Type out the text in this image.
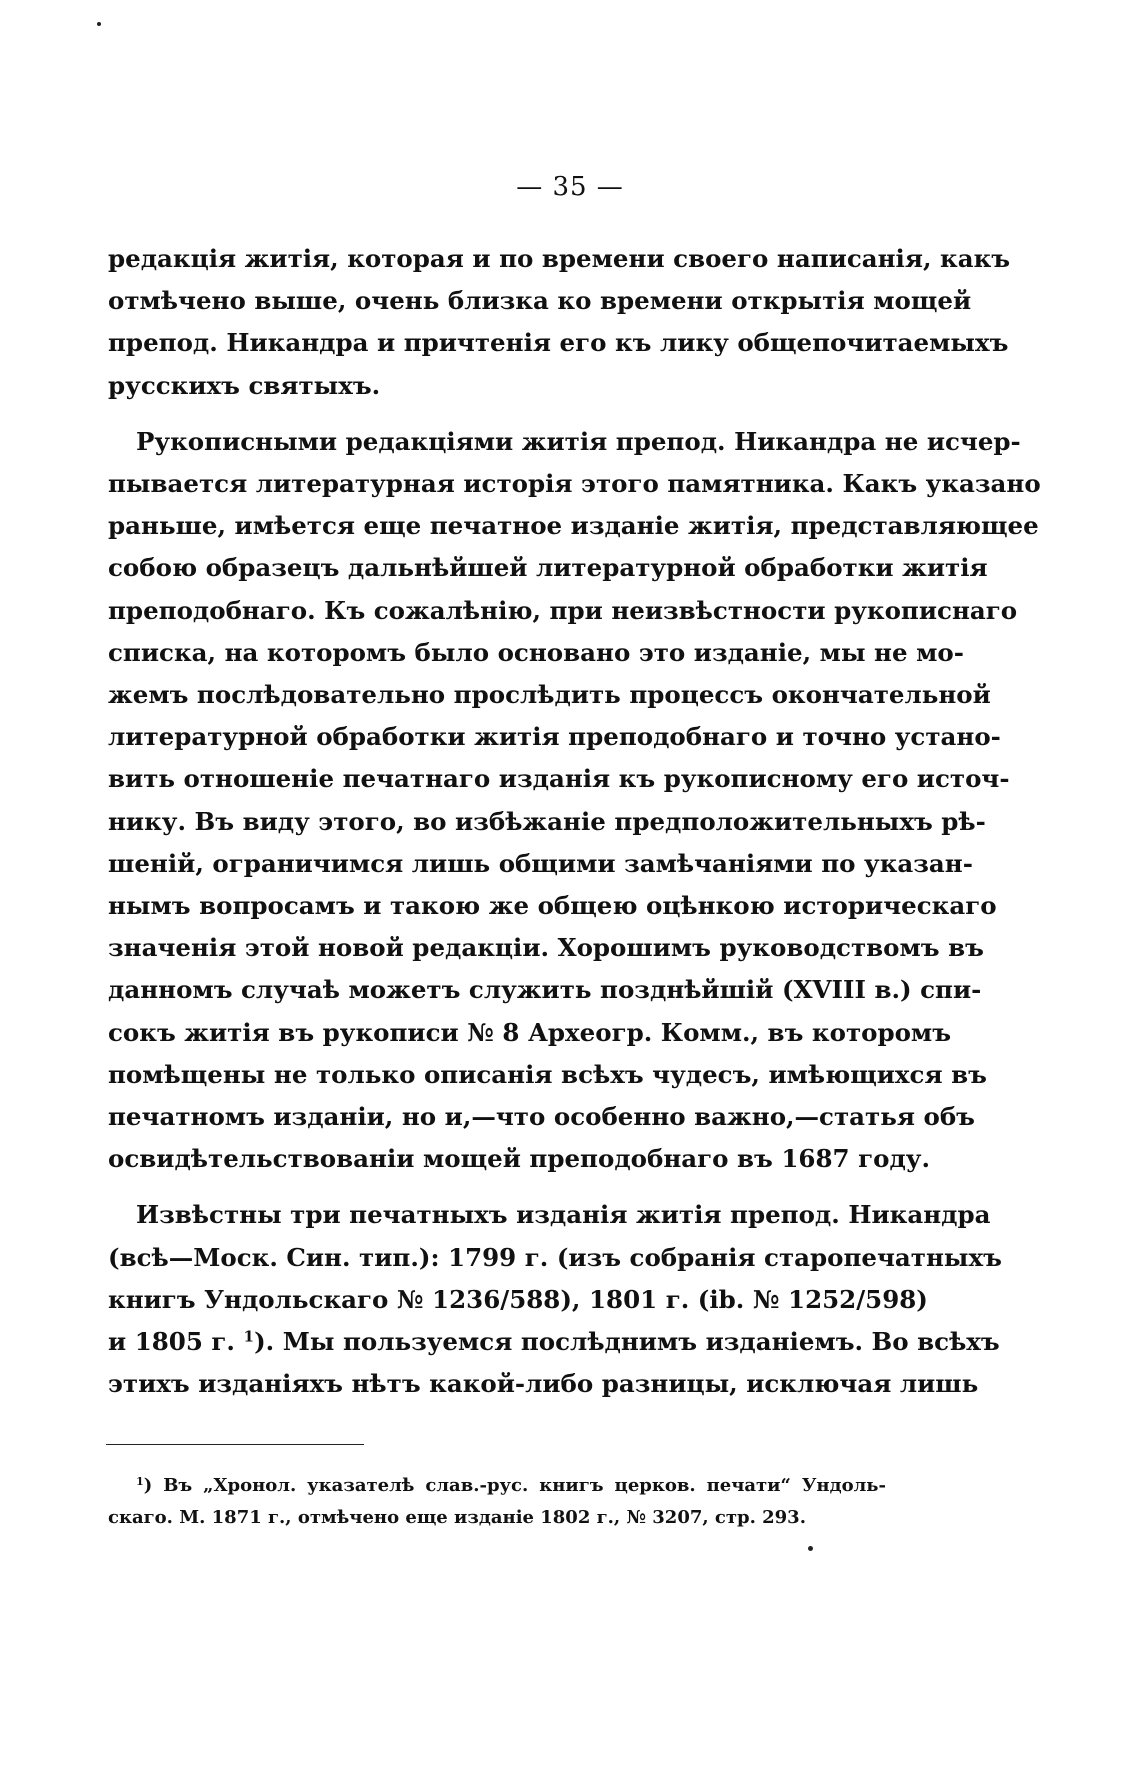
— 35 —

редакція житія, которая и по времени своего написанія, какъ
отмѣчено выше, очень близка ко времени открытія мощей
препод. Никандра и причтенія его къ лику общепочитаемыхъ
русскихъ святыхъ.

Рукописными редакціями житія препод. Никандра не исчер-
пывается литературная исторія этого памятника. Какъ указано
раньше, имѣется еще печатное изданіе житія, представляющее
собою образецъ дальнѣйшей литературной обработки житія
преподобнаго. Къ сожалѣнію, при неизвѣстности рукописнаго
списка, на которомъ было основано это изданіе, мы не мо-
жемъ послѣдовательно прослѣдить процессъ окончательной
литературной обработки житія преподобнаго и точно устано-
вить отношеніе печатнаго изданія къ рукописному его источ-
нику. Въ виду этого, во избѣжаніе предположительныхъ рѣ-
шеній, ограничимся лишь общими замѣчаніями по указан-
нымъ вопросамъ и такою же общею оцѣнкою историческаго
значенія этой новой редакціи. Хорошимъ руководствомъ въ
данномъ случаѣ можетъ служить позднѣйшій (XVIII в.) спи-
сокъ житія въ рукописи № 8 Археогр. Комм., въ которомъ
помѣщены не только описанія всѣхъ чудесъ, имѣющихся въ
печатномъ изданіи, но и,—что особенно важно,—статья объ
освидѣтельствованіи мощей преподобнаго въ 1687 году.

Извѣстны три печатныхъ изданія житія препод. Никандра
(всѣ—Моск. Син. тип.): 1799 г. (изъ собранія старопечатныхъ
книгъ Ундольскаго № 1236/588), 1801 г. (ib. № 1252/598)
и 1805 г. $^1$). Мы пользуемся послѣднимъ изданіемъ. Во всѣхъ
этихъ изданіяхъ нѣтъ какой-либо разницы, исключая лишь

$^1$) Въ „Хронол. указателѣ слав.-рус. книгъ церков. печати“ Ундоль-
скаго. М. 1871 г., отмѣчено еще изданіе 1802 г., № 3207, стр. 293.
